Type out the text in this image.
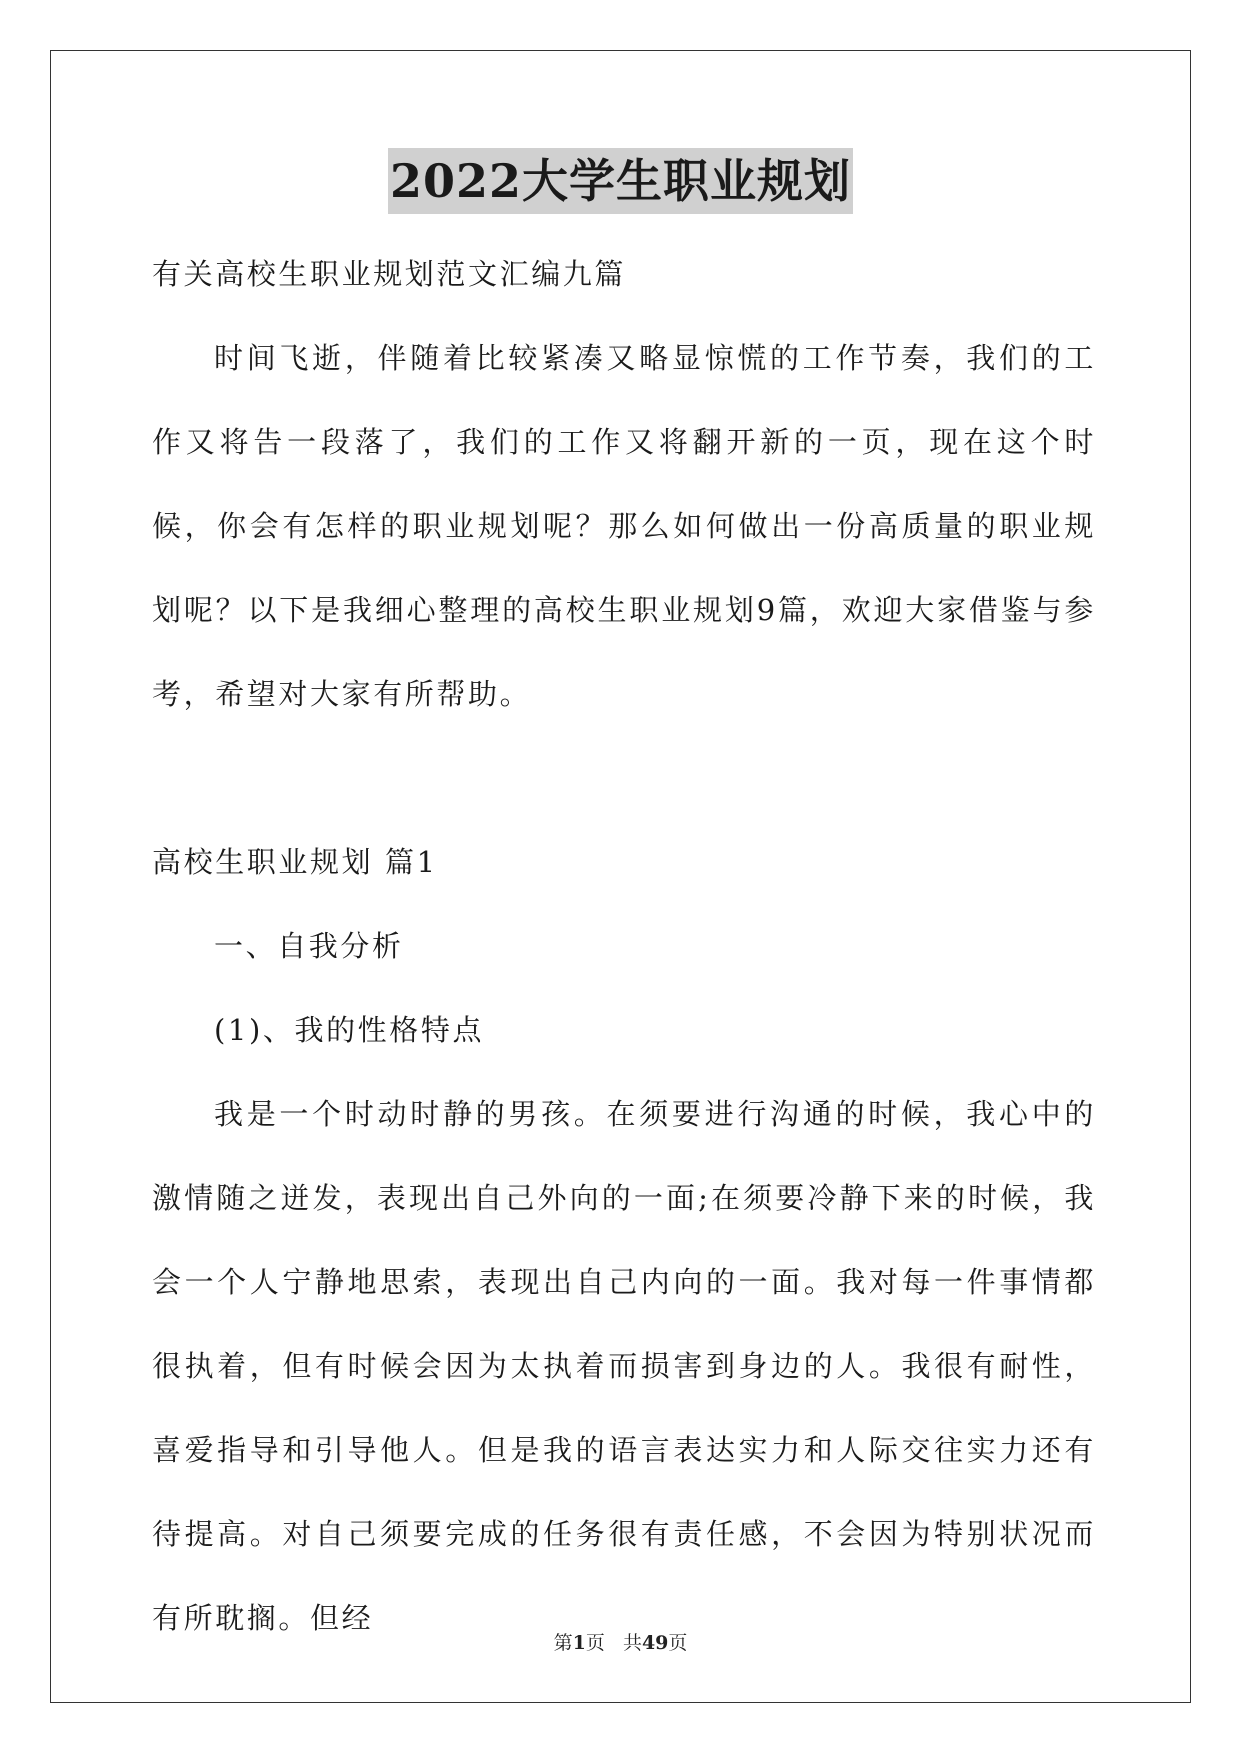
2022大学生职业规划

有关高校生职业规划范文汇编九篇

时间飞逝，伴随着比较紧凑又略显惊慌的工作节奏，我们的工作又将告一段落了，我们的工作又将翻开新的一页，现在这个时候，你会有怎样的职业规划呢？那么如何做出一份高质量的职业规划呢？以下是我细心整理的高校生职业规划9篇，欢迎大家借鉴与参考，希望对大家有所帮助。

高校生职业规划 篇1

一、自我分析

(1)、我的性格特点

我是一个时动时静的男孩。在须要进行沟通的时候，我心中的激情随之迸发，表现出自己外向的一面;在须要冷静下来的时候，我会一个人宁静地思索，表现出自己内向的一面。我对每一件事情都很执着，但有时候会因为太执着而损害到身边的人。我很有耐性，喜爱指导和引导他人。但是我的语言表达实力和人际交往实力还有待提高。对自己须要完成的任务很有责任感，不会因为特别状况而有所耽搁。但经

第1页   共49页
